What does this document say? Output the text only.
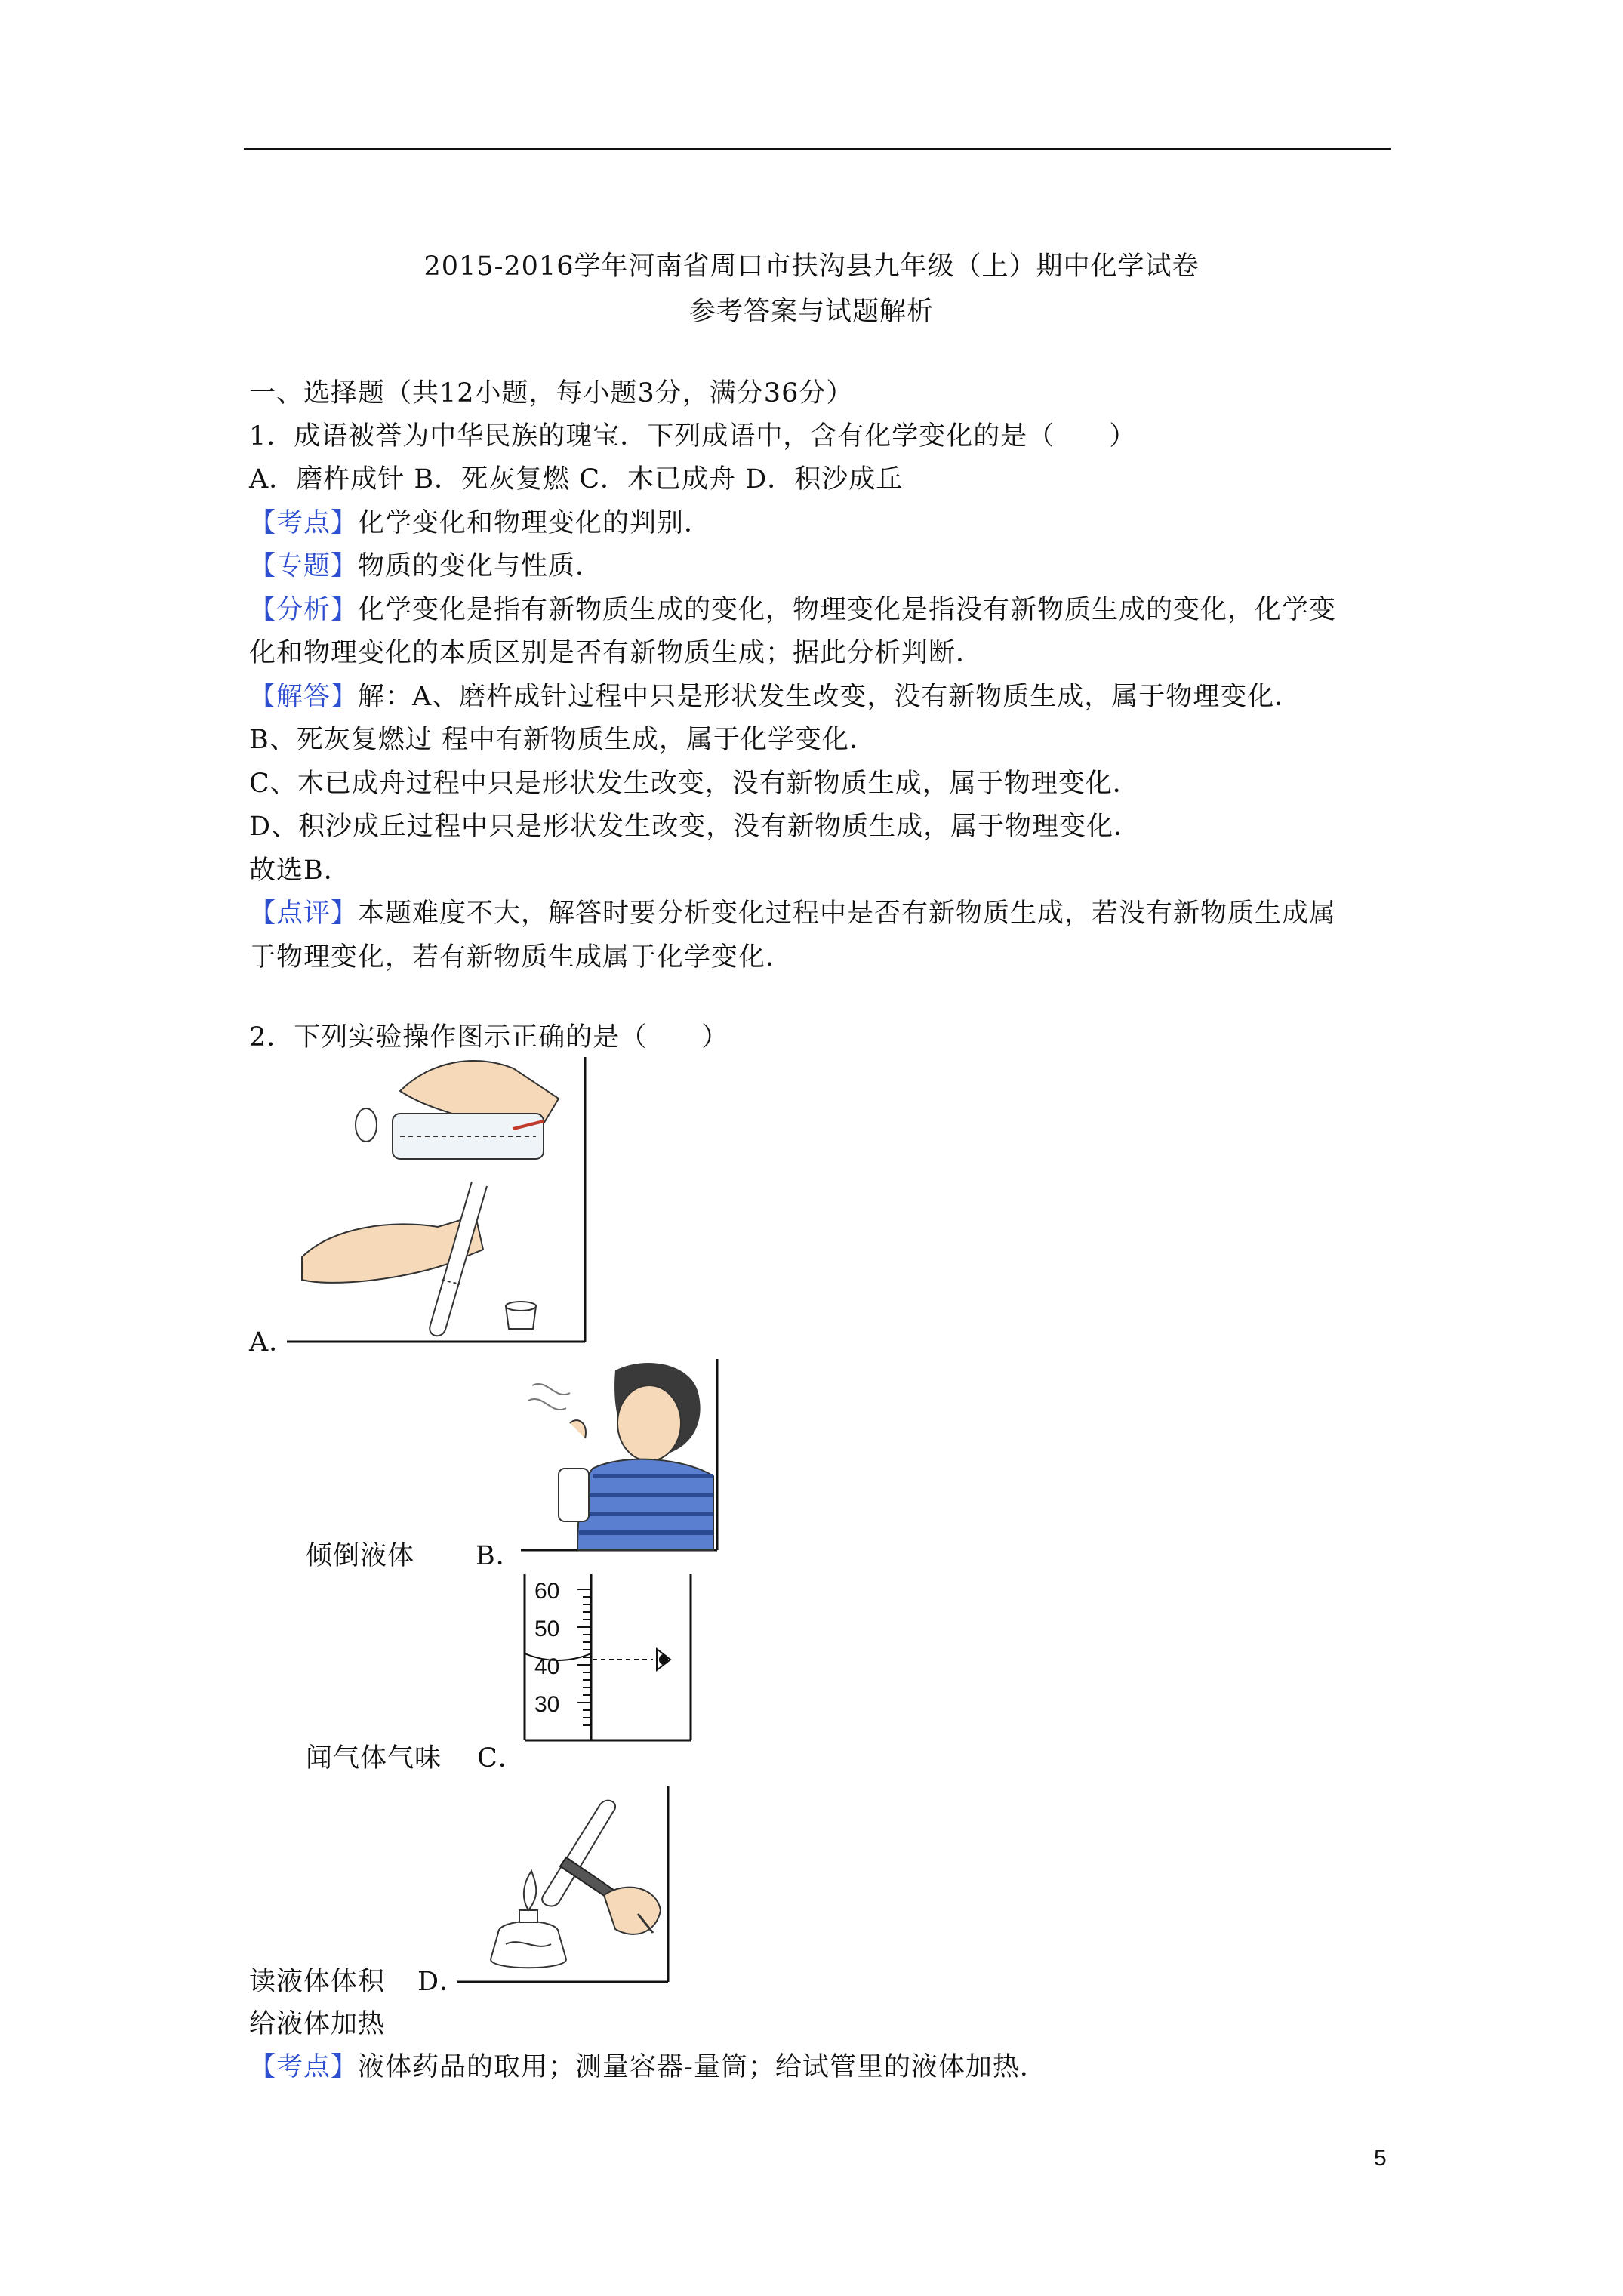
2015-2016学年河南省周口市扶沟县九年级（上）期中化学试卷
参考答案与试题解析
一、选择题（共12小题，每小题3分，满分36分）
1．成语被誉为中华民族的瑰宝．下列成语中，含有化学变化的是（　　）
A．磨杵成针 B．死灰复燃 C．木已成舟 D．积沙成丘
【考点】化学变化和物理变化的判别．
【专题】物质的变化与性质．
【分析】化学变化是指有新物质生成的变化，物理变化是指没有新物质生成的变化，化学变
化和物理变化的本质区别是否有新物质生成；据此分析判断．
【解答】解：A、磨杵成针过程中只是形状发生改变，没有新物质生成，属于物理变化．
B、死灰复燃过 程中有新物质生成，属于化学变化．
C、木已成舟过程中只是形状发生改变，没有新物质生成，属于物理变化．
D、积沙成丘过程中只是形状发生改变，没有新物质生成，属于物理变化．
故选B．
【点评】本题难度不大，解答时要分析变化过程中是否有新物质生成，若没有新物质生成属
于物理变化，若有新物质生成属于化学变化．
2．下列实验操作图示正确的是（　　）
A．
倾倒液体 B．
60
50
40
30
闻气体气味 C．
读液体体积 D．
给液体加热
【考点】液体药品的取用；测量容器-量筒；给试管里的液体加热．
5
